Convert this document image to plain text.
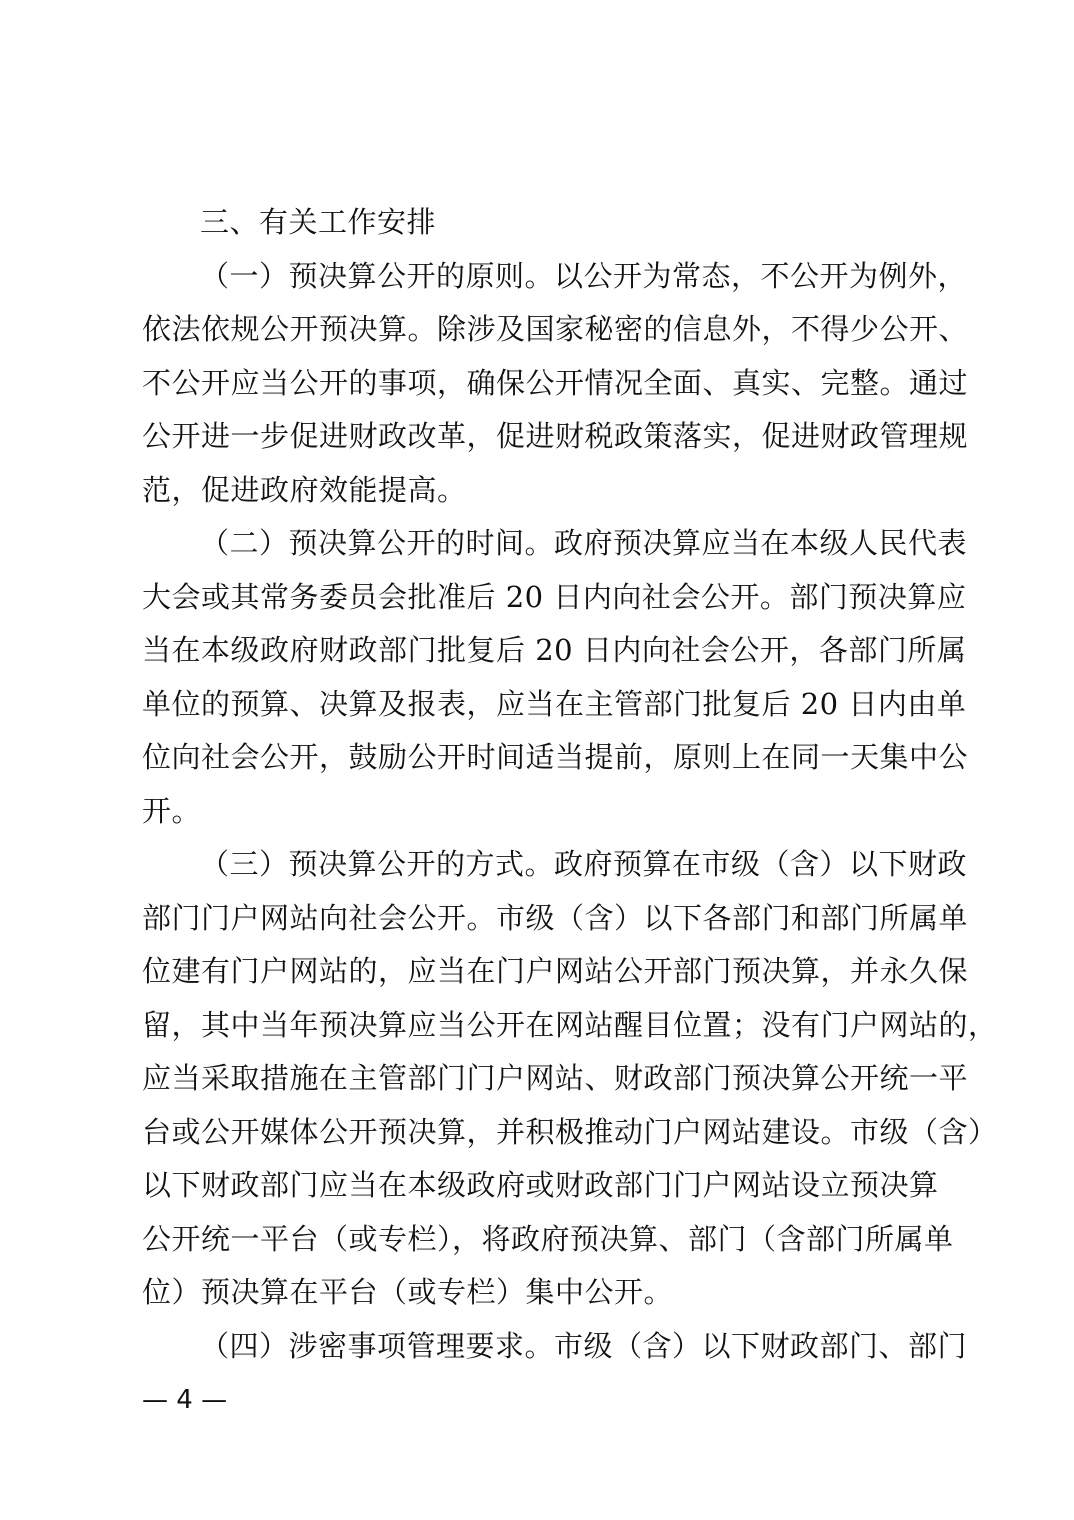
三、有关工作安排
（一）预决算公开的原则。以公开为常态，不公开为例外，
依法依规公开预决算。除涉及国家秘密的信息外，不得少公开、
不公开应当公开的事项，确保公开情况全面、真实、完整。通过
公开进一步促进财政改革，促进财税政策落实，促进财政管理规
范，促进政府效能提高。
（二）预决算公开的时间。政府预决算应当在本级人民代表
大会或其常务委员会批准后 20 日内向社会公开。部门预决算应
当在本级政府财政部门批复后 20 日内向社会公开，各部门所属
单位的预算、决算及报表，应当在主管部门批复后 20 日内由单
位向社会公开，鼓励公开时间适当提前，原则上在同一天集中公
开。
（三）预决算公开的方式。政府预算在市级（含）以下财政
部门门户网站向社会公开。市级（含）以下各部门和部门所属单
位建有门户网站的，应当在门户网站公开部门预决算，并永久保
留，其中当年预决算应当公开在网站醒目位置；没有门户网站的，
应当采取措施在主管部门门户网站、财政部门预决算公开统一平
台或公开媒体公开预决算，并积极推动门户网站建设。市级（含）
以下财政部门应当在本级政府或财政部门门户网站设立预决算
公开统一平台（或专栏），将政府预决算、部门（含部门所属单
位）预决算在平台（或专栏）集中公开。
（四）涉密事项管理要求。市级（含）以下财政部门、部门
— 4 —
